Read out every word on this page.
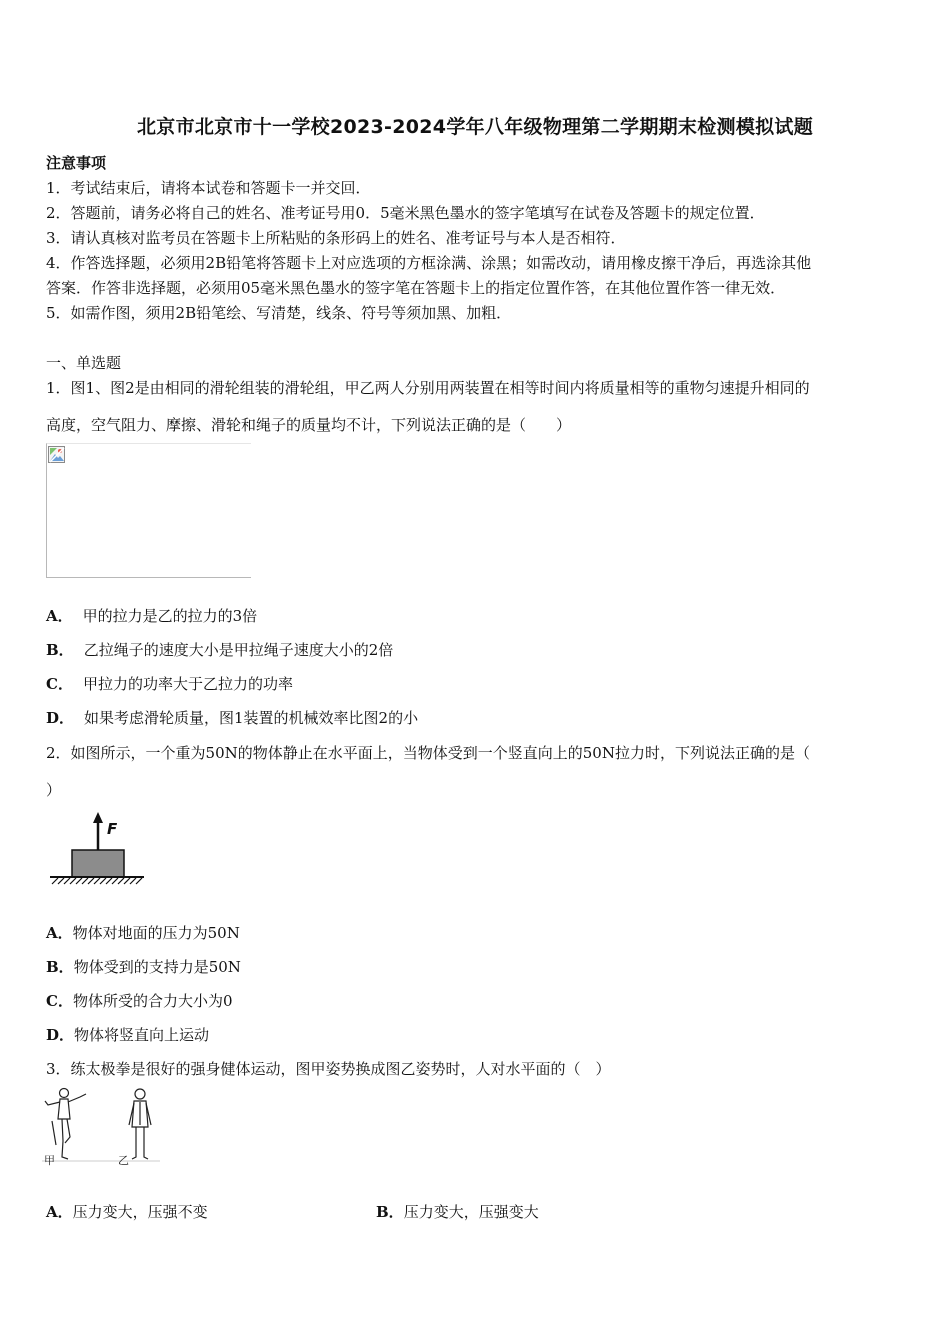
北京市北京市十一学校2023-2024学年八年级物理第二学期期末检测模拟试题
注意事项
1．考试结束后，请将本试卷和答题卡一并交回．
2．答题前，请务必将自己的姓名、准考证号用0．5毫米黑色墨水的签字笔填写在试卷及答题卡的规定位置．
3．请认真核对监考员在答题卡上所粘贴的条形码上的姓名、准考证号与本人是否相符．
4．作答选择题，必须用2B铅笔将答题卡上对应选项的方框涂满、涂黑；如需改动，请用橡皮擦干净后，再选涂其他
答案．作答非选择题，必须用05毫米黑色墨水的签字笔在答题卡上的指定位置作答，在其他位置作答一律无效．
5．如需作图，须用2B铅笔绘、写清楚，线条、符号等须加黑、加粗．
一、单选题
1．图1、图2是由相同的滑轮组装的滑轮组，甲乙两人分别用两装置在相等时间内将质量相等的重物匀速提升相同的
高度，空气阻力、摩擦、滑轮和绳子的质量均不计，下列说法正确的是（　　）
A． 甲的拉力是乙的拉力的3倍
B． 乙拉绳子的速度大小是甲拉绳子速度大小的2倍
C． 甲拉力的功率大于乙拉力的功率
D． 如果考虑滑轮质量，图1装置的机械效率比图2的小
2．如图所示，一个重为50N的物体静止在水平面上，当物体受到一个竖直向上的50N拉力时，下列说法正确的是（
）
F
A．物体对地面的压力为50N
B．物体受到的支持力是50N
C．物体所受的合力大小为0
D．物体将竖直向上运动
3．练太极拳是很好的强身健体运动，图甲姿势换成图乙姿势时，人对水平面的（　）
甲	乙
A．压力变大，压强不变	B．压力变大，压强变大
